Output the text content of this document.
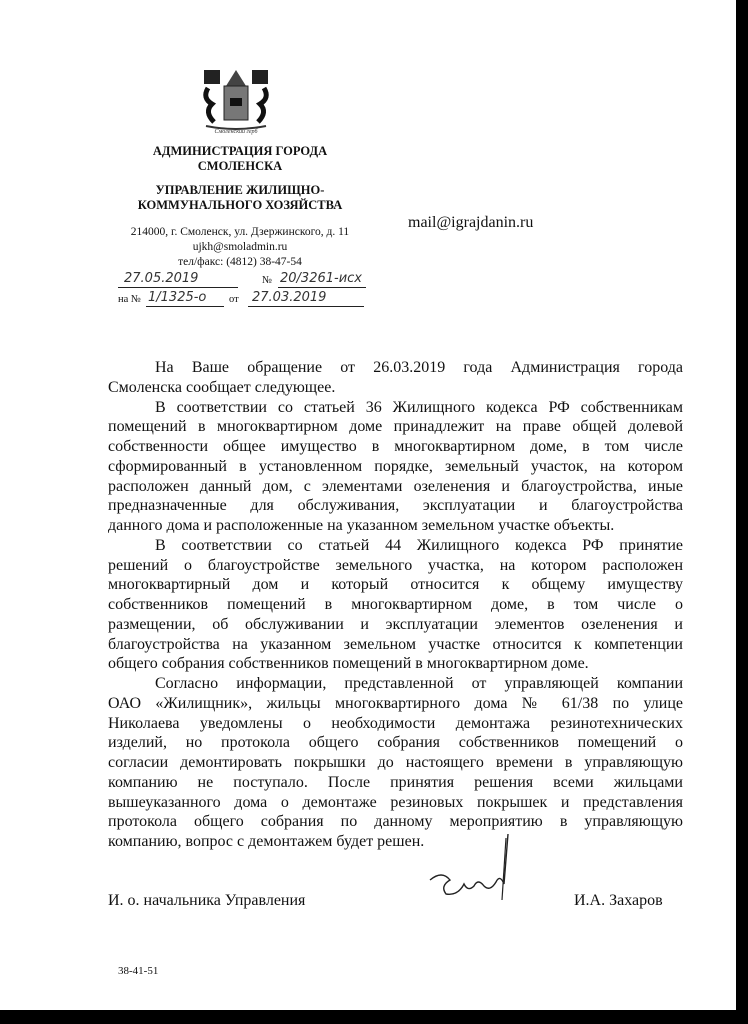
Смоленский герб
АДМИНИСТРАЦИЯ ГОРОДА
СМОЛЕНСКА
УПРАВЛЕНИЕ ЖИЛИЩНО-
КОММУНАЛЬНОГО ХОЗЯЙСТВА
214000, г. Смоленск, ул. Дзержинского, д. 11
ujkh@smoladmin.ru
тел/факс: (4812) 38-47-54
mail@igrajdanin.ru
27.05.2019	№ 20/3261-исх
на № 1/1325-о от 27.03.2019
На Ваше обращение от 26.03.2019 года Администрация города
Смоленска сообщает следующее.
В соответствии со статьей 36 Жилищного кодекса РФ собственникам
помещений в многоквартирном доме принадлежит на праве общей долевой
собственности общее имущество в многоквартирном доме, в том числе
сформированный в установленном порядке, земельный участок, на котором
расположен данный дом, с элементами озеленения и благоустройства, иные
предназначенные для обслуживания, эксплуатации и благоустройства
данного дома и расположенные на указанном земельном участке объекты.
В соответствии со статьей 44 Жилищного кодекса РФ принятие
решений о благоустройстве земельного участка, на котором расположен
многоквартирный дом и который относится к общему имуществу
собственников помещений в многоквартирном доме, в том числе о
размещении, об обслуживании и эксплуатации элементов озеленения и
благоустройства на указанном земельном участке относится к компетенции
общего собрания собственников помещений в многоквартирном доме.
Согласно информации, представленной от управляющей компании
ОАО «Жилищник», жильцы многоквартирного дома № 61/38 по улице
Николаева уведомлены о необходимости демонтажа резинотехнических
изделий, но протокола общего собрания собственников помещений о
согласии демонтировать покрышки до настоящего времени в управляющую
компанию не поступало. После принятия решения всеми жильцами
вышеуказанного дома о демонтаже резиновых покрышек и представления
протокола общего собрания по данному мероприятию в управляющую
компанию, вопрос с демонтажем будет решен.
И. о. начальника Управления	И.А. Захаров
38-41-51
